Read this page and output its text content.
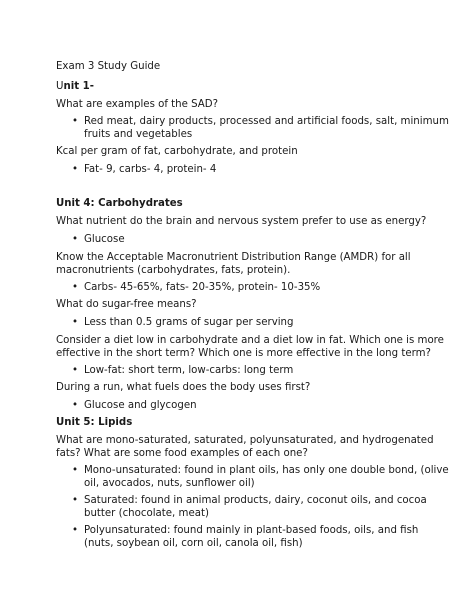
Exam 3 Study Guide
Unit 1-
What are examples of the SAD?
• Red meat, dairy products, processed and artificial foods, salt, minimum
fruits and vegetables
Kcal per gram of fat, carbohydrate, and protein
• Fat- 9, carbs- 4, protein- 4
Unit 4: Carbohydrates
What nutrient do the brain and nervous system prefer to use as energy?
• Glucose
Know the Acceptable Macronutrient Distribution Range (AMDR) for all
macronutrients (carbohydrates, fats, protein).
• Carbs- 45-65%, fats- 20-35%, protein- 10-35%
What do sugar-free means?
• Less than 0.5 grams of sugar per serving
Consider a diet low in carbohydrate and a diet low in fat. Which one is more
effective in the short term? Which one is more effective in the long term?
• Low-fat: short term, low-carbs: long term
During a run, what fuels does the body uses first?
• Glucose and glycogen
Unit 5: Lipids
What are mono-saturated, saturated, polyunsaturated, and hydrogenated
fats? What are some food examples of each one?
• Mono-unsaturated: found in plant oils, has only one double bond, (olive
oil, avocados, nuts, sunflower oil)
• Saturated: found in animal products, dairy, coconut oils, and cocoa
butter (chocolate, meat)
• Polyunsaturated: found mainly in plant-based foods, oils, and fish
(nuts, soybean oil, corn oil, canola oil, fish)
